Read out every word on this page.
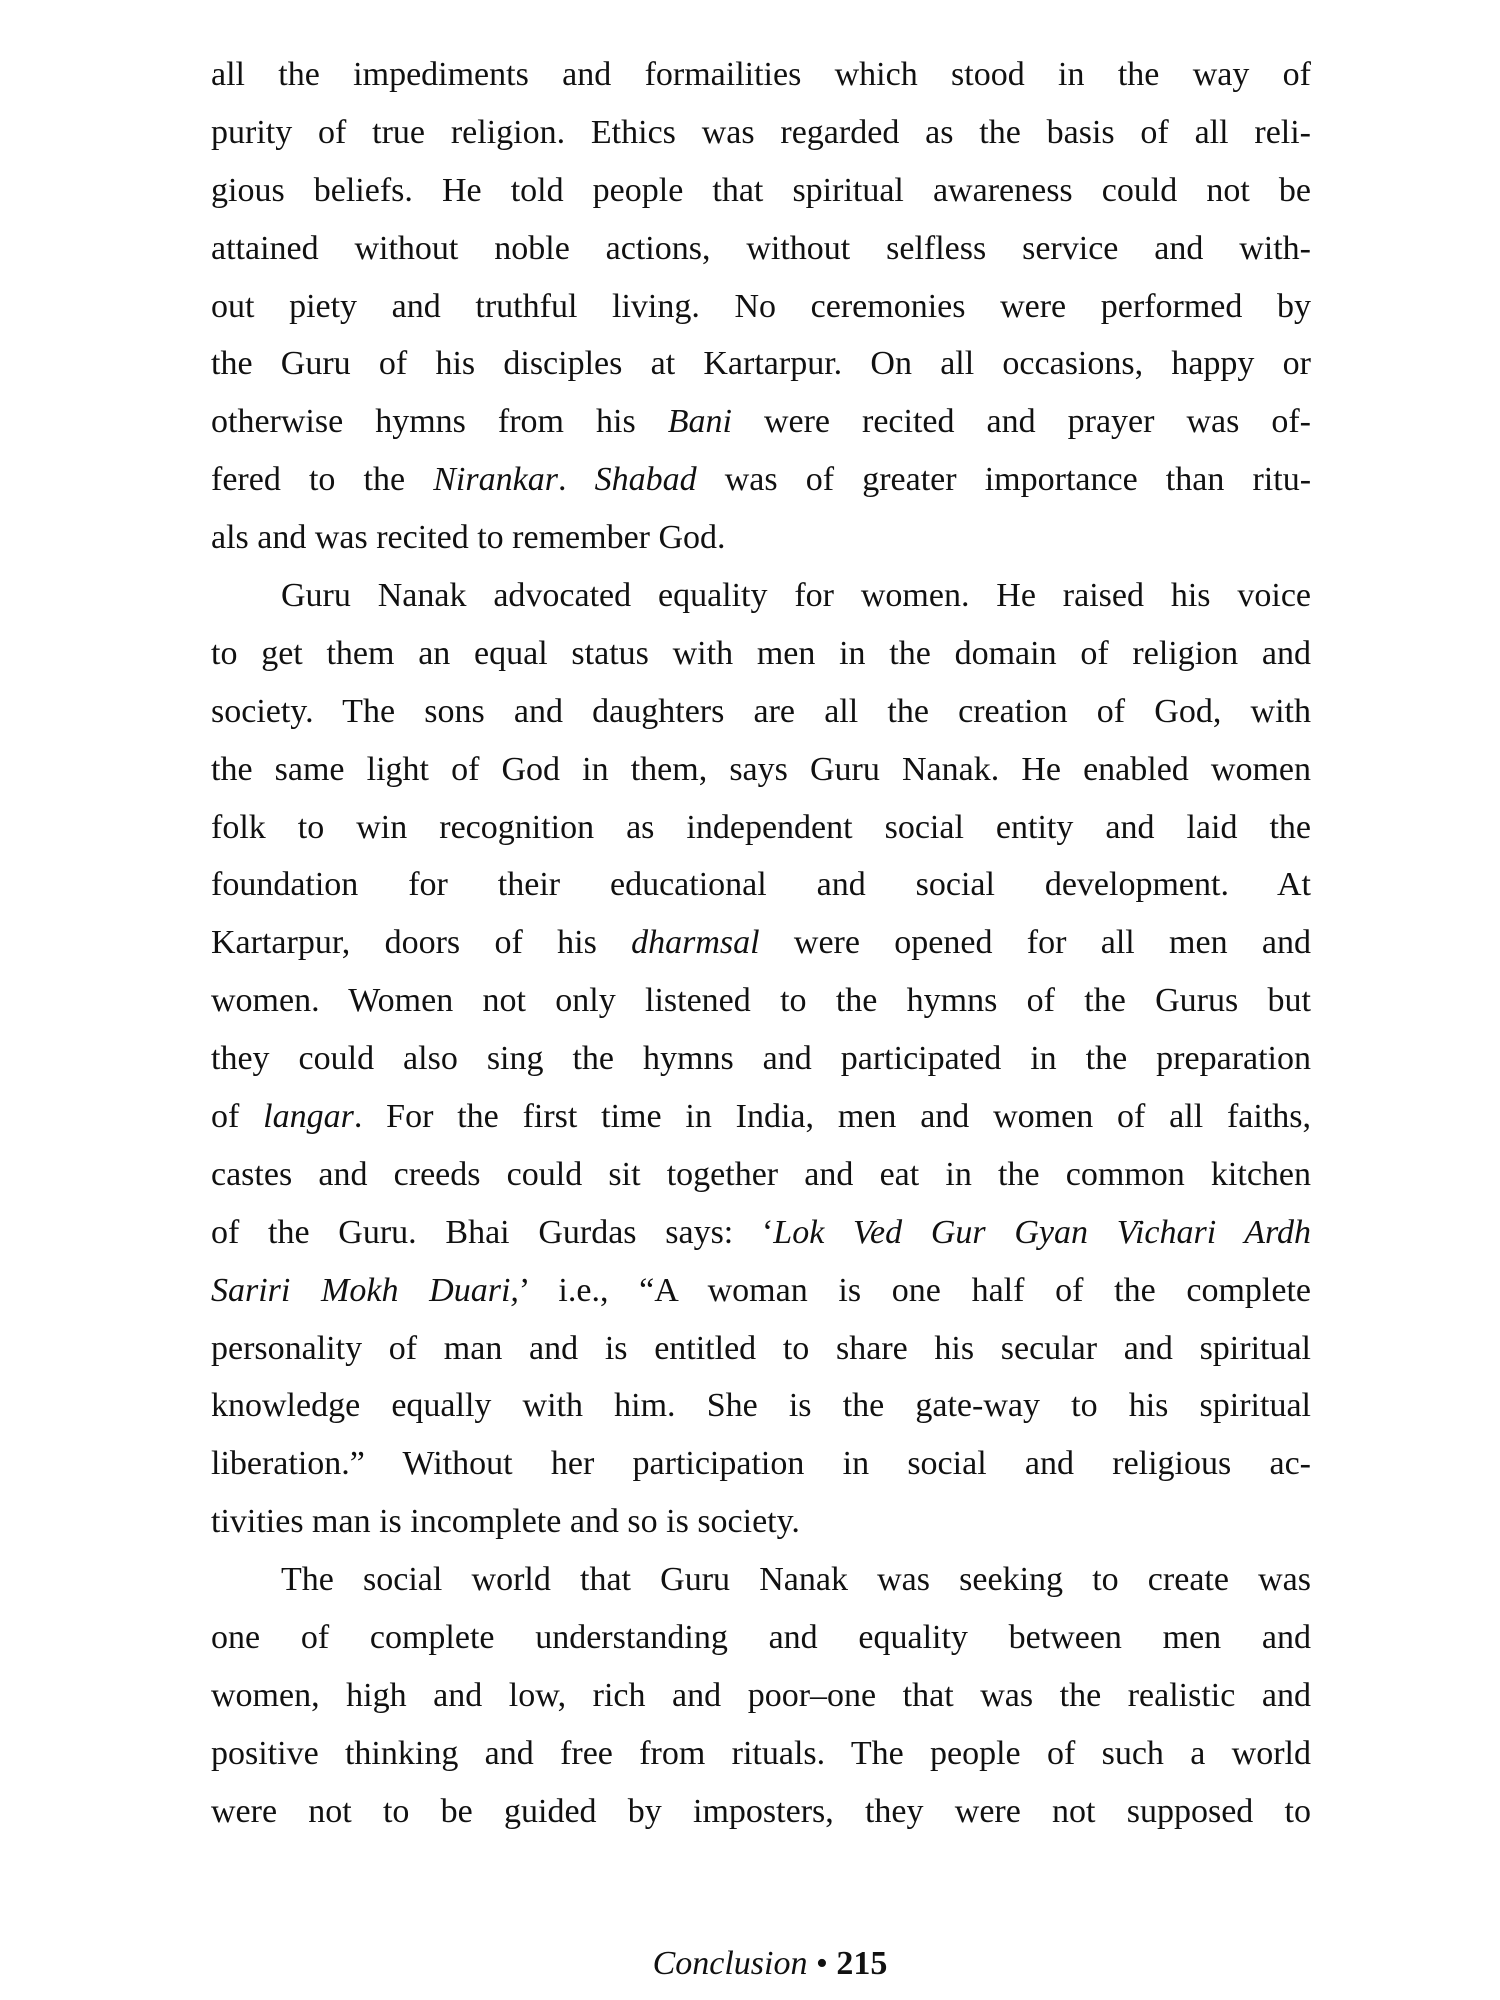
all the impediments and formailities which stood in the way of
purity of true religion. Ethics was regarded as the basis of all reli-
gious beliefs. He told people that spiritual awareness could not be
attained without noble actions, without selfless service and with-
out piety and truthful living. No ceremonies were performed by
the Guru of his disciples at Kartarpur. On all occasions, happy or
otherwise hymns from his Bani were recited and prayer was of-
fered to the Nirankar. Shabad was of greater importance than ritu-
als and was recited to remember God.
Guru Nanak advocated equality for women. He raised his voice
to get them an equal status with men in the domain of religion and
society. The sons and daughters are all the creation of God, with
the same light of God in them, says Guru Nanak. He enabled women
folk to win recognition as independent social entity and laid the
foundation for their educational and social development. At
Kartarpur, doors of his dharmsal were opened for all men and
women. Women not only listened to the hymns of the Gurus but
they could also sing the hymns and participated in the preparation
of langar. For the first time in India, men and women of all faiths,
castes and creeds could sit together and eat in the common kitchen
of the Guru. Bhai Gurdas says: ‘Lok Ved Gur Gyan Vichari Ardh
Sariri Mokh Duari,’ i.e., “A woman is one half of the complete
personality of man and is entitled to share his secular and spiritual
knowledge equally with him. She is the gate-way to his spiritual
liberation.” Without her participation in social and religious ac-
tivities man is incomplete and so is society.
The social world that Guru Nanak was seeking to create was
one of complete understanding and equality between men and
women, high and low, rich and poor–one that was the realistic and
positive thinking and free from rituals. The people of such a world
were not to be guided by imposters, they were not supposed to
Conclusion • 215
